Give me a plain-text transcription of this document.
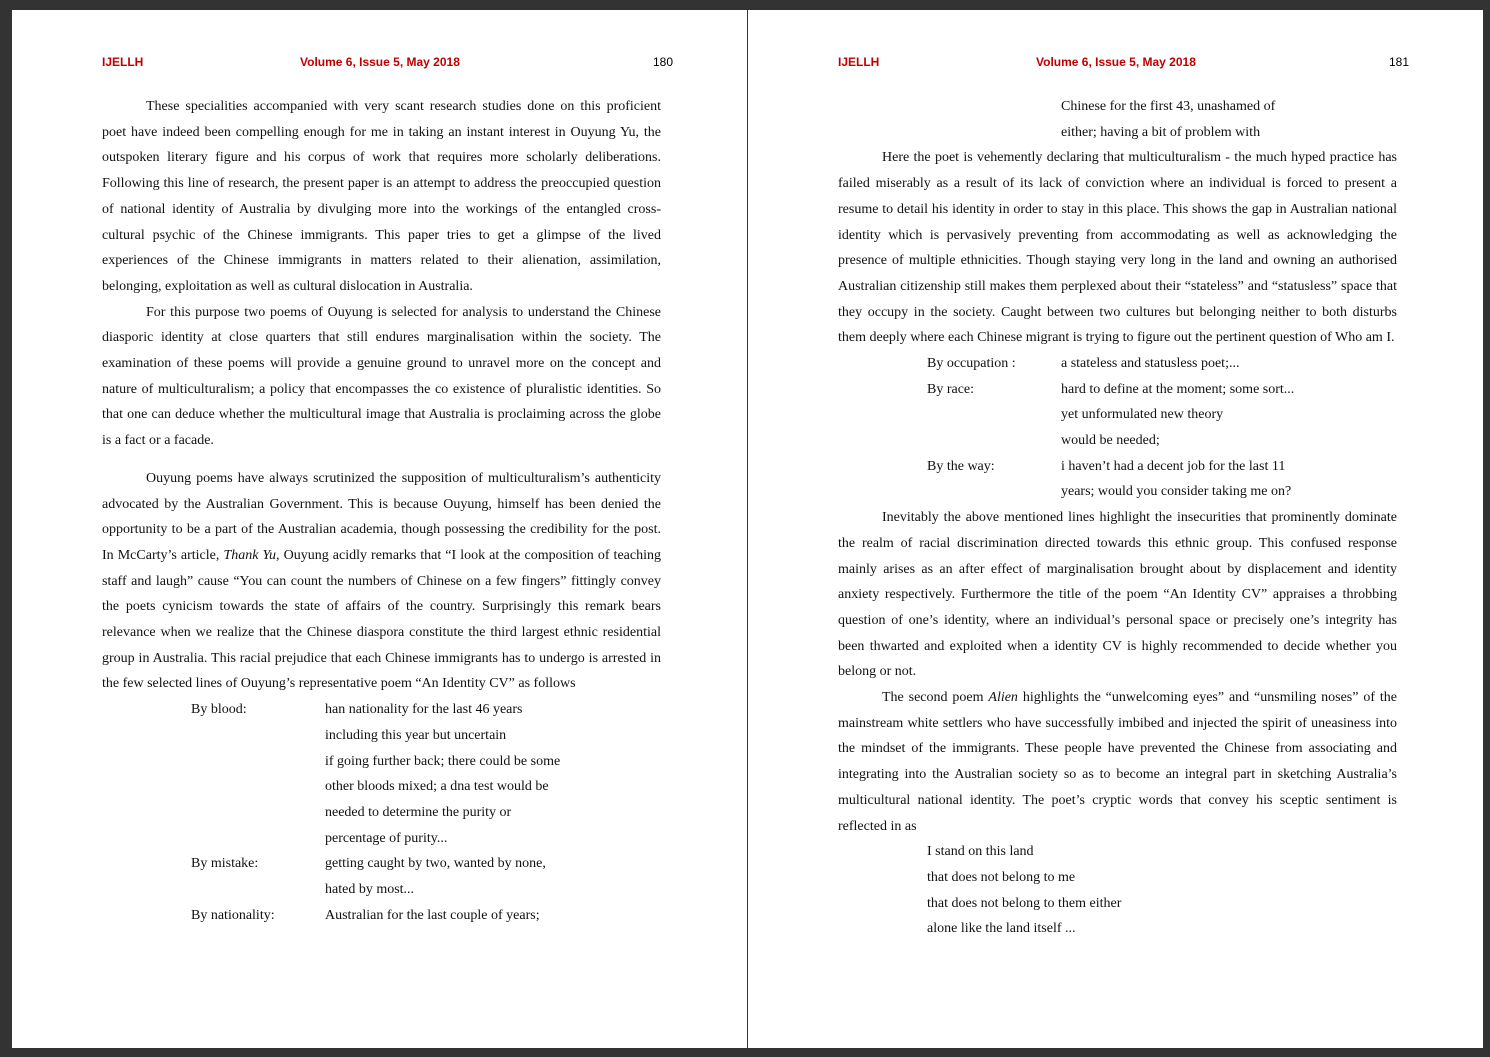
IJELLH	Volume 6, Issue 5, May 2018	180

These specialities accompanied with very scant research studies done on this proficient poet have indeed been compelling enough for me in taking an instant interest in Ouyung Yu, the outspoken literary figure and his corpus of work that requires more scholarly deliberations. Following this line of research, the present paper is an attempt to address the preoccupied question of national identity of Australia by divulging more into the workings of the entangled cross- cultural psychic of the Chinese immigrants. This paper tries to get a glimpse of the lived experiences of the Chinese immigrants in matters related to their alienation, assimilation, belonging, exploitation as well as cultural dislocation in Australia.

For this purpose two poems of Ouyung is selected for analysis to understand the Chinese diasporic identity at close quarters that still endures marginalisation within the society. The examination of these poems will provide a genuine ground to unravel more on the concept and nature of multiculturalism; a policy that encompasses the co existence of pluralistic identities. So that one can deduce whether the multicultural image that Australia is proclaiming across the globe is a fact or a facade.

Ouyung poems have always scrutinized the supposition of multiculturalism’s authenticity advocated by the Australian Government. This is because Ouyung, himself has been denied the opportunity to be a part of the Australian academia, though possessing the credibility for the post. In McCarty’s article, Thank Yu, Ouyung acidly remarks that “I look at the composition of teaching staff and laugh” cause “You can count the numbers of Chinese on a few fingers” fittingly convey the poets cynicism towards the state of affairs of the country. Surprisingly this remark bears relevance when we realize that the Chinese diaspora constitute the third largest ethnic residential group in Australia. This racial prejudice that each Chinese immigrants has to undergo is arrested in the few selected lines of Ouyung’s representative poem “An Identity CV” as follows

By blood:	han nationality for the last 46 years
including this year but uncertain
if going further back; there could be some
other bloods mixed; a dna test would be
needed to determine the purity or
percentage of purity...
By mistake:	getting caught by two, wanted by none,
hated by most...
By nationality:	Australian for the last couple of years;
IJELLH	Volume 6, Issue 5, May 2018	181
Chinese for the first 43, unashamed of
either; having a bit of problem with

Here the poet is vehemently declaring that multiculturalism - the much hyped practice has failed miserably as a result of its lack of conviction where an individual is forced to present a resume to detail his identity in order to stay in this place. This shows the gap in Australian national identity which is pervasively preventing from accommodating as well as acknowledging the presence of multiple ethnicities. Though staying very long in the land and owning an authorised Australian citizenship still makes them perplexed about their “stateless” and “statusless” space that they occupy in the society. Caught between two cultures but belonging neither to both disturbs them deeply where each Chinese migrant is trying to figure out the pertinent question of Who am I.

By occupation :	a stateless and statusless poet;...
By race:	hard to define at the moment; some sort...
yet unformulated new theory
would be needed;
By the way:	i haven’t had a decent job for the last 11
years; would you consider taking me on?

Inevitably the above mentioned lines highlight the insecurities that prominently dominate the realm of racial discrimination directed towards this ethnic group. This confused response mainly arises as an after effect of marginalisation brought about by displacement and identity anxiety respectively. Furthermore the title of the poem “An Identity CV” appraises a throbbing question of one’s identity, where an individual’s personal space or precisely one’s integrity has been thwarted and exploited when a identity CV is highly recommended to decide whether you belong or not.

The second poem Alien highlights the “unwelcoming eyes” and “unsmiling noses” of the mainstream white settlers who have successfully imbibed and injected the spirit of uneasiness into the mindset of the immigrants. These people have prevented the Chinese from associating and integrating into the Australian society so as to become an integral part in sketching Australia’s multicultural national identity. The poet’s cryptic words that convey his sceptic sentiment is reflected in as

I stand on this land
that does not belong to me
that does not belong to them either
alone like the land itself ...
